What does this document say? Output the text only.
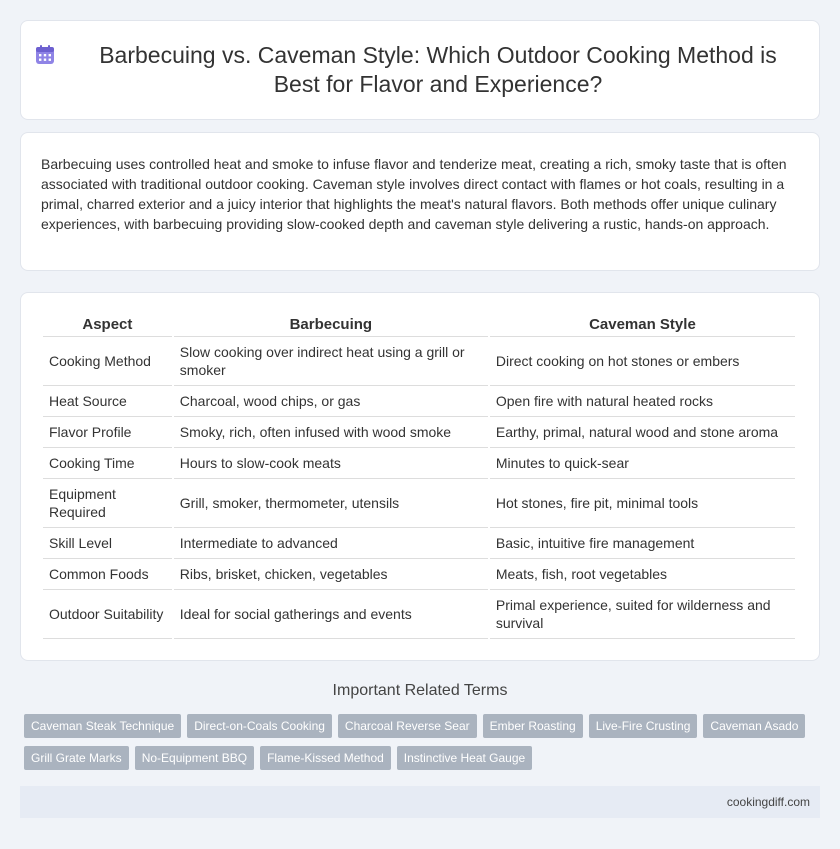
Barbecuing vs. Caveman Style: Which Outdoor Cooking Method is Best for Flavor and Experience?

Barbecuing uses controlled heat and smoke to infuse flavor and tenderize meat, creating a rich, smoky taste that is often associated with traditional outdoor cooking. Caveman style involves direct contact with flames or hot coals, resulting in a primal, charred exterior and a juicy interior that highlights the meat's natural flavors. Both methods offer unique culinary experiences, with barbecuing providing slow-cooked depth and caveman style delivering a rustic, hands-on approach.

Aspect	Barbecuing	Caveman Style
Cooking Method	Slow cooking over indirect heat using a grill or smoker	Direct cooking on hot stones or embers
Heat Source	Charcoal, wood chips, or gas	Open fire with natural heated rocks
Flavor Profile	Smoky, rich, often infused with wood smoke	Earthy, primal, natural wood and stone aroma
Cooking Time	Hours to slow-cook meats	Minutes to quick-sear
Equipment Required	Grill, smoker, thermometer, utensils	Hot stones, fire pit, minimal tools
Skill Level	Intermediate to advanced	Basic, intuitive fire management
Common Foods	Ribs, brisket, chicken, vegetables	Meats, fish, root vegetables
Outdoor Suitability	Ideal for social gatherings and events	Primal experience, suited for wilderness and survival
Important Related Terms
Caveman Steak Technique	Direct-on-Coals Cooking	Charcoal Reverse Sear	Ember Roasting	Live-Fire Crusting	Caveman Asado
Grill Grate Marks	No-Equipment BBQ	Flame-Kissed Method	Instinctive Heat Gauge
cookingdiff.com
